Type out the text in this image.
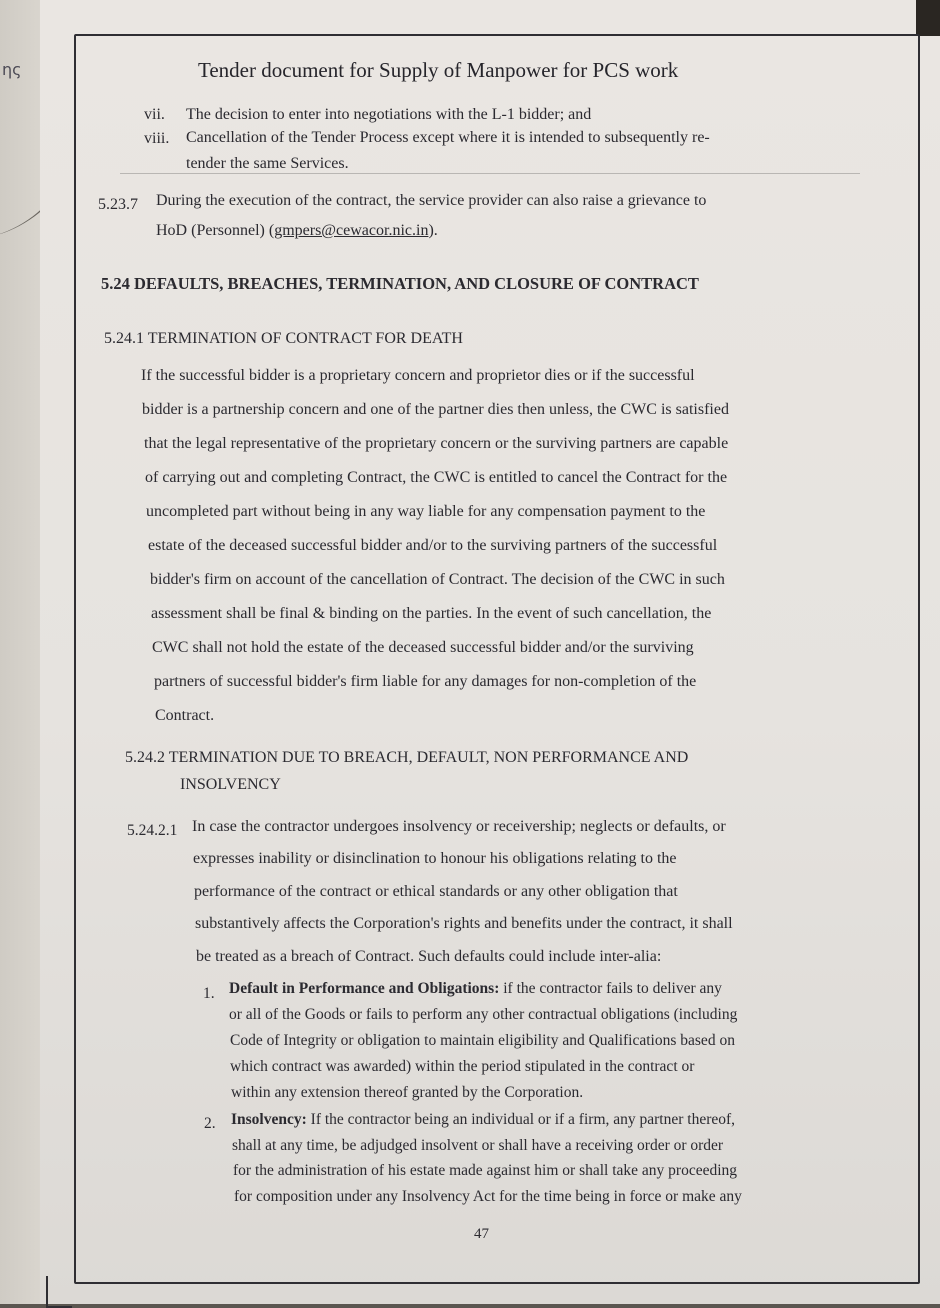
ης	Tender document for Supply of Manpower for PCS work
vii. The decision to enter into negotiations with the L-1 bidder; and
viii. Cancellation of the Tender Process except where it is intended to subsequently re-
tender the same Services.
5.23.7 During the execution of the contract, the service provider can also raise a grievance to
HoD (Personnel) (gmpers@cewacor.nic.in).
5.24 DEFAULTS, BREACHES, TERMINATION, AND CLOSURE OF CONTRACT
5.24.1 TERMINATION OF CONTRACT FOR DEATH
If the successful bidder is a proprietary concern and proprietor dies or if the successful
bidder is a partnership concern and one of the partner dies then unless, the CWC is satisfied
that the legal representative of the proprietary concern or the surviving partners are capable
of carrying out and completing Contract, the CWC is entitled to cancel the Contract for the
uncompleted part without being in any way liable for any compensation payment to the
estate of the deceased successful bidder and/or to the surviving partners of the successful
bidder's firm on account of the cancellation of Contract. The decision of the CWC in such
assessment shall be final & binding on the parties. In the event of such cancellation, the
CWC shall not hold the estate of the deceased successful bidder and/or the surviving
partners of successful bidder's firm liable for any damages for non-completion of the
Contract.
5.24.2 TERMINATION DUE TO BREACH, DEFAULT, NON PERFORMANCE AND
INSOLVENCY
5.24.2.1 In case the contractor undergoes insolvency or receivership; neglects or defaults, or
expresses inability or disinclination to honour his obligations relating to the
performance of the contract or ethical standards or any other obligation that
substantively affects the Corporation's rights and benefits under the contract, it shall
be treated as a breach of Contract. Such defaults could include inter-alia:
1. Default in Performance and Obligations: if the contractor fails to deliver any
or all of the Goods or fails to perform any other contractual obligations (including
Code of Integrity or obligation to maintain eligibility and Qualifications based on
which contract was awarded) within the period stipulated in the contract or
within any extension thereof granted by the Corporation.
2. Insolvency: If the contractor being an individual or if a firm, any partner thereof,
shall at any time, be adjudged insolvent or shall have a receiving order or order
for the administration of his estate made against him or shall take any proceeding
for composition under any Insolvency Act for the time being in force or make any
47
